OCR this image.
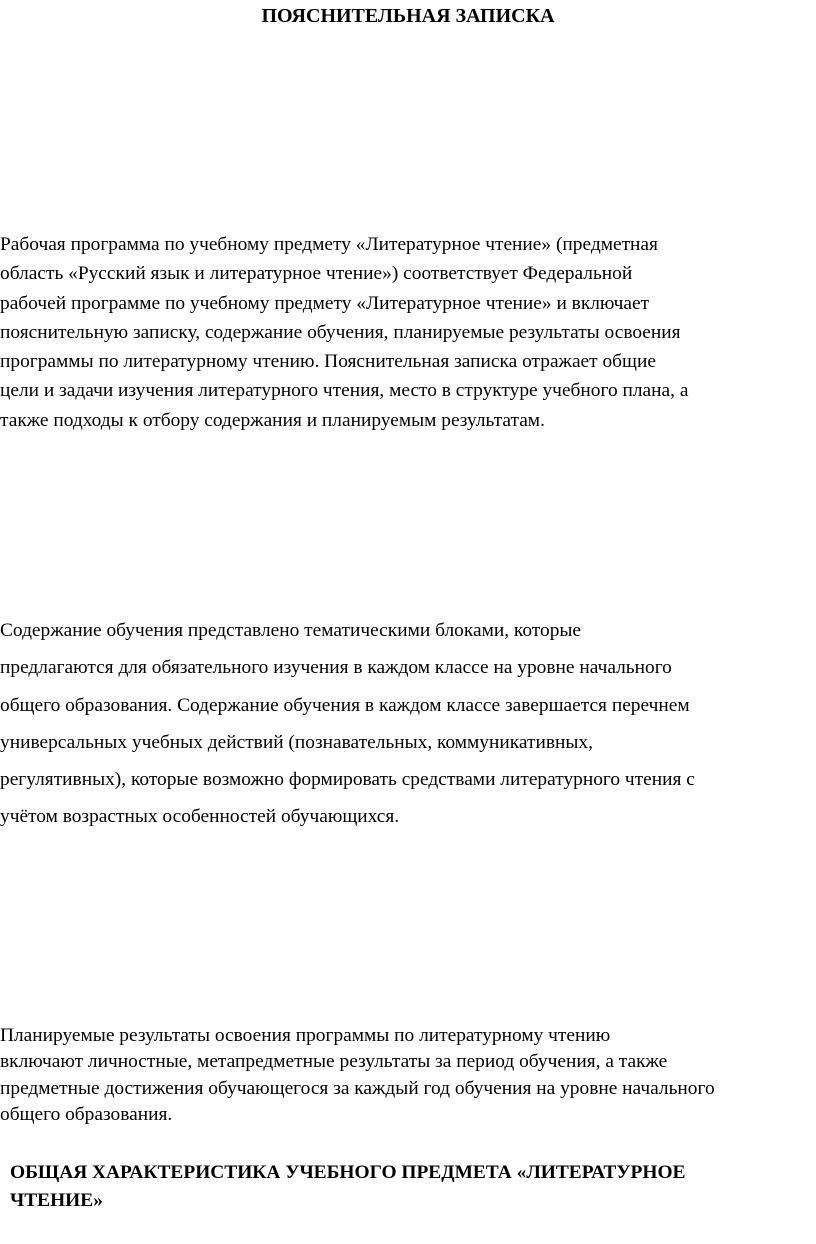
ПОЯСНИТЕЛЬНАЯ ЗАПИСКА

Рабочая программа по учебному предмету «Литературное чтение» (предметная
область «Русский язык и литературное чтение») соответствует Федеральной
рабочей программе по учебному предмету «Литературное чтение» и включает
пояснительную записку, содержание обучения, планируемые результаты освоения
программы по литературному чтению. Пояснительная записка отражает общие
цели и задачи изучения литературного чтения, место в структуре учебного плана, а
также подходы к отбору содержания и планируемым результатам.

Содержание обучения представлено тематическими блоками, которые
предлагаются для обязательного изучения в каждом классе на уровне начального
общего образования. Содержание обучения в каждом классе завершается перечнем
универсальных учебных действий (познавательных, коммуникативных,
регулятивных), которые возможно формировать средствами литературного чтения с
учётом возрастных особенностей обучающихся.

Планируемые результаты освоения программы по литературному чтению
включают личностные, метапредметные результаты за период обучения, а также
предметные достижения обучающегося за каждый год обучения на уровне начального
общего образования.

ОБЩАЯ ХАРАКТЕРИСТИКА УЧЕБНОГО ПРЕДМЕТА «ЛИТЕРАТУРНОЕ
ЧТЕНИЕ»
